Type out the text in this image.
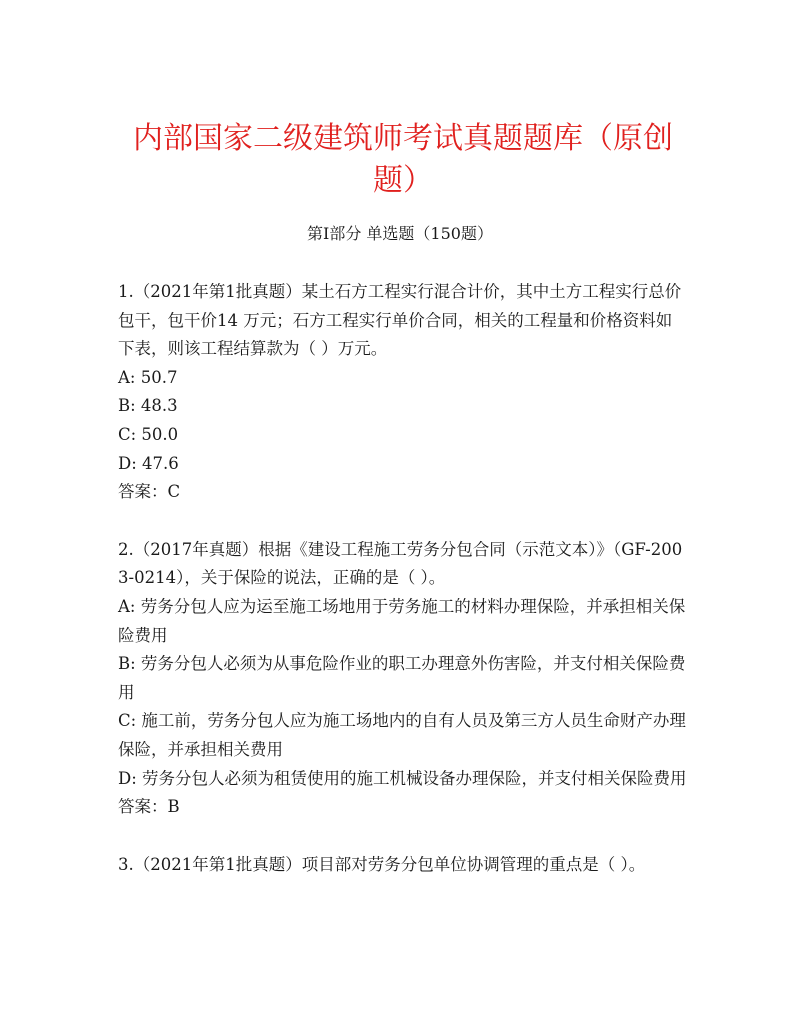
内部国家二级建筑师考试真题题库（原创题）
第Ⅰ部分 单选题（150题）
1.（2021年第1批真题）某土石方工程实行混合计价，其中土方工程实行总价包干，包干价14 万元；石方工程实行单价合同，相关的工程量和价格资料如下表，则该工程结算款为（ ）万元。
A: 50.7
B: 48.3
C: 50.0
D: 47.6
答案：C
2.（2017年真题）根据《建设工程施工劳务分包合同（示范文本）》（GF-2003-0214），关于保险的说法，正确的是（ ）。
A: 劳务分包人应为运至施工场地用于劳务施工的材料办理保险，并承担相关保险费用
B: 劳务分包人必须为从事危险作业的职工办理意外伤害险，并支付相关保险费用
C: 施工前，劳务分包人应为施工场地内的自有人员及第三方人员生命财产办理保险，并承担相关费用
D: 劳务分包人必须为租赁使用的施工机械设备办理保险，并支付相关保险费用
答案：B
3.（2021年第1批真题）项目部对劳务分包单位协调管理的重点是（ ）。
